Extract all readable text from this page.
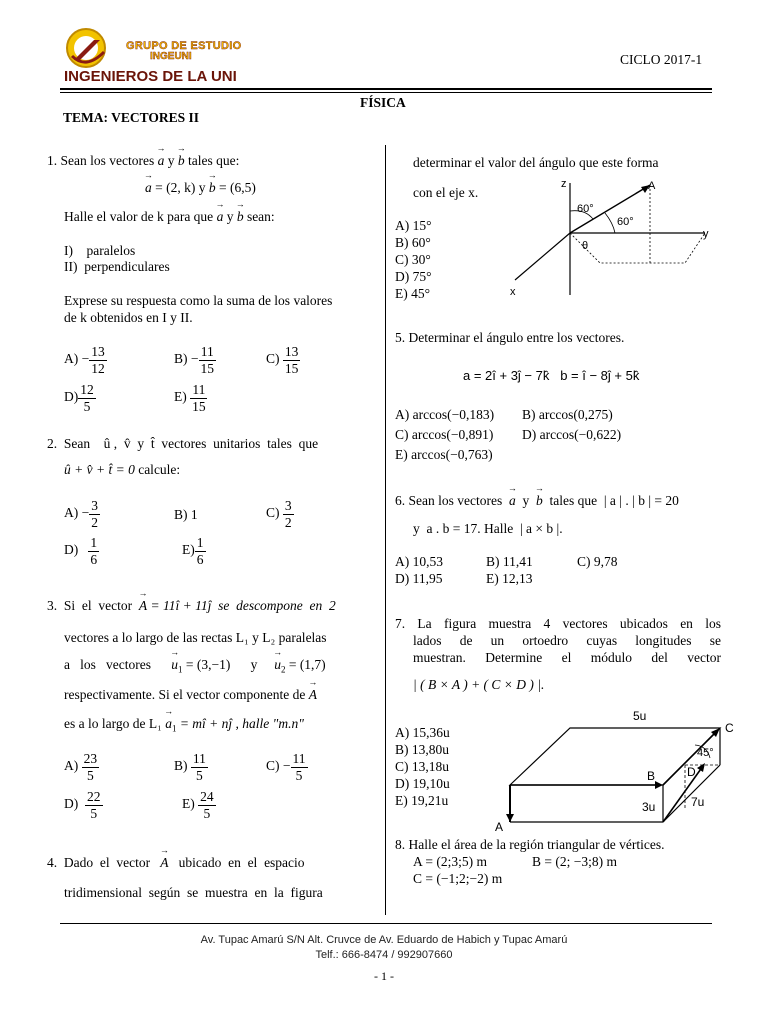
GRUPO DE ESTUDIO
INGEUNI
INGENIEROS DE LA UNI
CICLO 2017-1
FÍSICA
TEMA: VECTORES II
1. Sean los vectores → a y → b tales que:
→ a = (2, k) y → b = (6,5)
Halle el valor de k para que → a y → b sean:
I)    paralelos
II)  perpendiculares
Exprese su respuesta como la suma de los valores
de k obtenidos en I y II.
$A) - \frac{13}{12}$	$B) - \frac{11}{15}$	$C) \frac{13}{15}$
$D) \frac{12}{5}$	$E) \frac{11}{15}$
2.  Sean û ,  v̂  y  t̂  vectores  unitarios  tales  que
û + v̂ + t̂ = 0 calcule:
$A) - \frac{3}{2}$	B) 1	$C) \frac{3}{2}$
$D) \frac{1}{6}$	$E) \frac{1}{6}$
3.  Si  el  vector  → A = 11î + 11ĵ  se  descompone  en  2
vectores a lo largo de las rectas L₁ y L₂ paralelas
a   los   vectores      → $u_1 = (3,-1)$ y     → $u_2 = (1,7)$
respectivamente. Si el vector componente de → A
es a lo largo de $L_1 \to a_1$ = mî + nĵ , halle "m.n"
$A) \frac{23}{5}$	$B) \frac{11}{5}$	$C) - \frac{11}{5}$
$D) \frac{22}{5}$	$E) \frac{24}{5}$
4.  Dado  el  vector   → A ubicado  en  el  espacio
tridimensional  según  se  muestra  en  la  figura
determinar el valor del ángulo que este forma
con el eje x.
A) 15°
B) 60°
C) 30°
D) 75°
E) 45°
z
y
x
A
60°
60°
θ
5. Determinar el ángulo entre los vectores.
a = 2î + 3ĵ − 7k̂   b = î − 8ĵ + 5k̂
A) arccos(−0,183) B) arccos(0,275)
C) arccos(−0,891) D) arccos(−0,622)
E) arccos(−0,763)
6. Sean los vectores  → a y  → b tales que  | a | . | b | = 20
y  a . b = 17. Halle  | a × b |.
A) 10,53	B) 11,41	C) 9,78
D) 11,95	E) 12,13
7.  La  figura  muestra  4  vectores  ubicados  en  los
lados   de   un   ortoedro   cuyas   longitudes   se
muestran.  Determine  el  módulo  del  vector
| ( B × A ) + ( C × D ) |.
A) 15,36u
B) 13,80u
C) 13,18u
D) 19,10u
E) 19,21u
5u
3u	7u
45°
A
B
C
D
8. Halle el área de la región triangular de vértices.
A = (2;3;5) m	B = (2; −3;8) m
C = (−1;2;−2) m
Av. Tupac Amarú S/N Alt. Cruvce de Av. Eduardo de Habich y Tupac Amarú
Telf.: 666-8474 / 992907660
- 1 -
